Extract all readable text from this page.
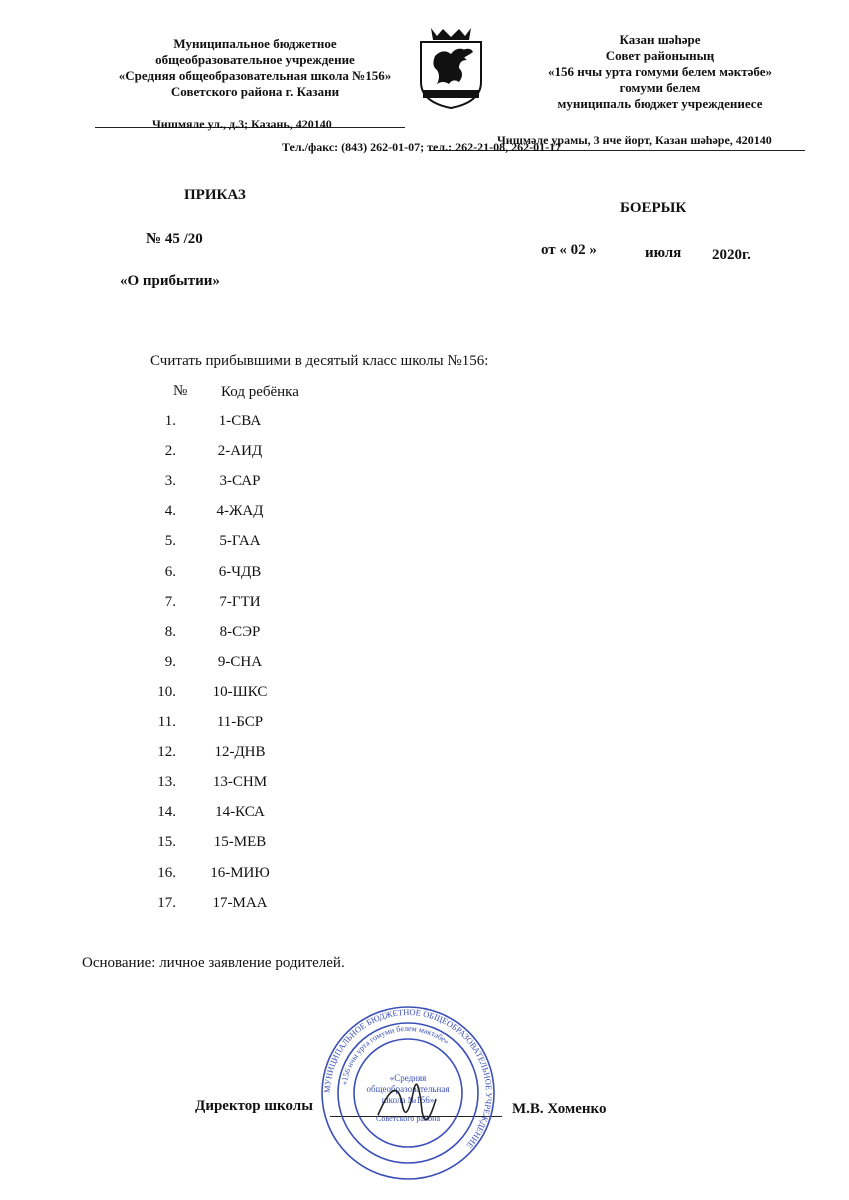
Муниципальное бюджетное
общеобразовательное учреждение
«Средняя общеобразовательная школа №156»
Советского района г. Казани
Казан шәһәре
Совет районының
«156 нчы урта гомуми белем мәктәбе»
гомуми белем
муниципаль бюджет учреждениесе
Чишмяле ул., д.3; Казань, 420140
Чишмәле урамы, 3 нче йорт, Казан шәһәре, 420140
Тел./факс: (843) 262-01-07; тел.: 262-21-08, 262-01-17
ПРИКАЗ
БОЕРЫК
№ 45 /20
от « 02 »	июля 2020г.
«О прибытии»
Считать прибывшими в десятый класс школы №156:
№ Код ребёнка
1.	1-СВА
2.	2-АИД
3.	3-САР
4.	4-ЖАД
5.	5-ГАА
6.	6-ЧДВ
7.	7-ГТИ
8.	8-СЭР
9.	9-СНА
10.	10-ШКС
11.	11-БСР
12.	12-ДНВ
13.	13-СНМ
14.	14-КСА
15.	15-МЕВ
16.	16-МИЮ
17.	17-МАА
Основание: личное заявление родителей.
Директор школы	М.В. Хоменко
МУНИЦИПАЛЬНОЕ БЮДЖЕТНОЕ ОБЩЕОБРАЗОВАТЕЛЬНОЕ УЧРЕЖДЕНИЕ
«156 нчы урта гомуми белем мәктәбе»
«Средняя
общеобразовательная
школа №156»
Советского района
